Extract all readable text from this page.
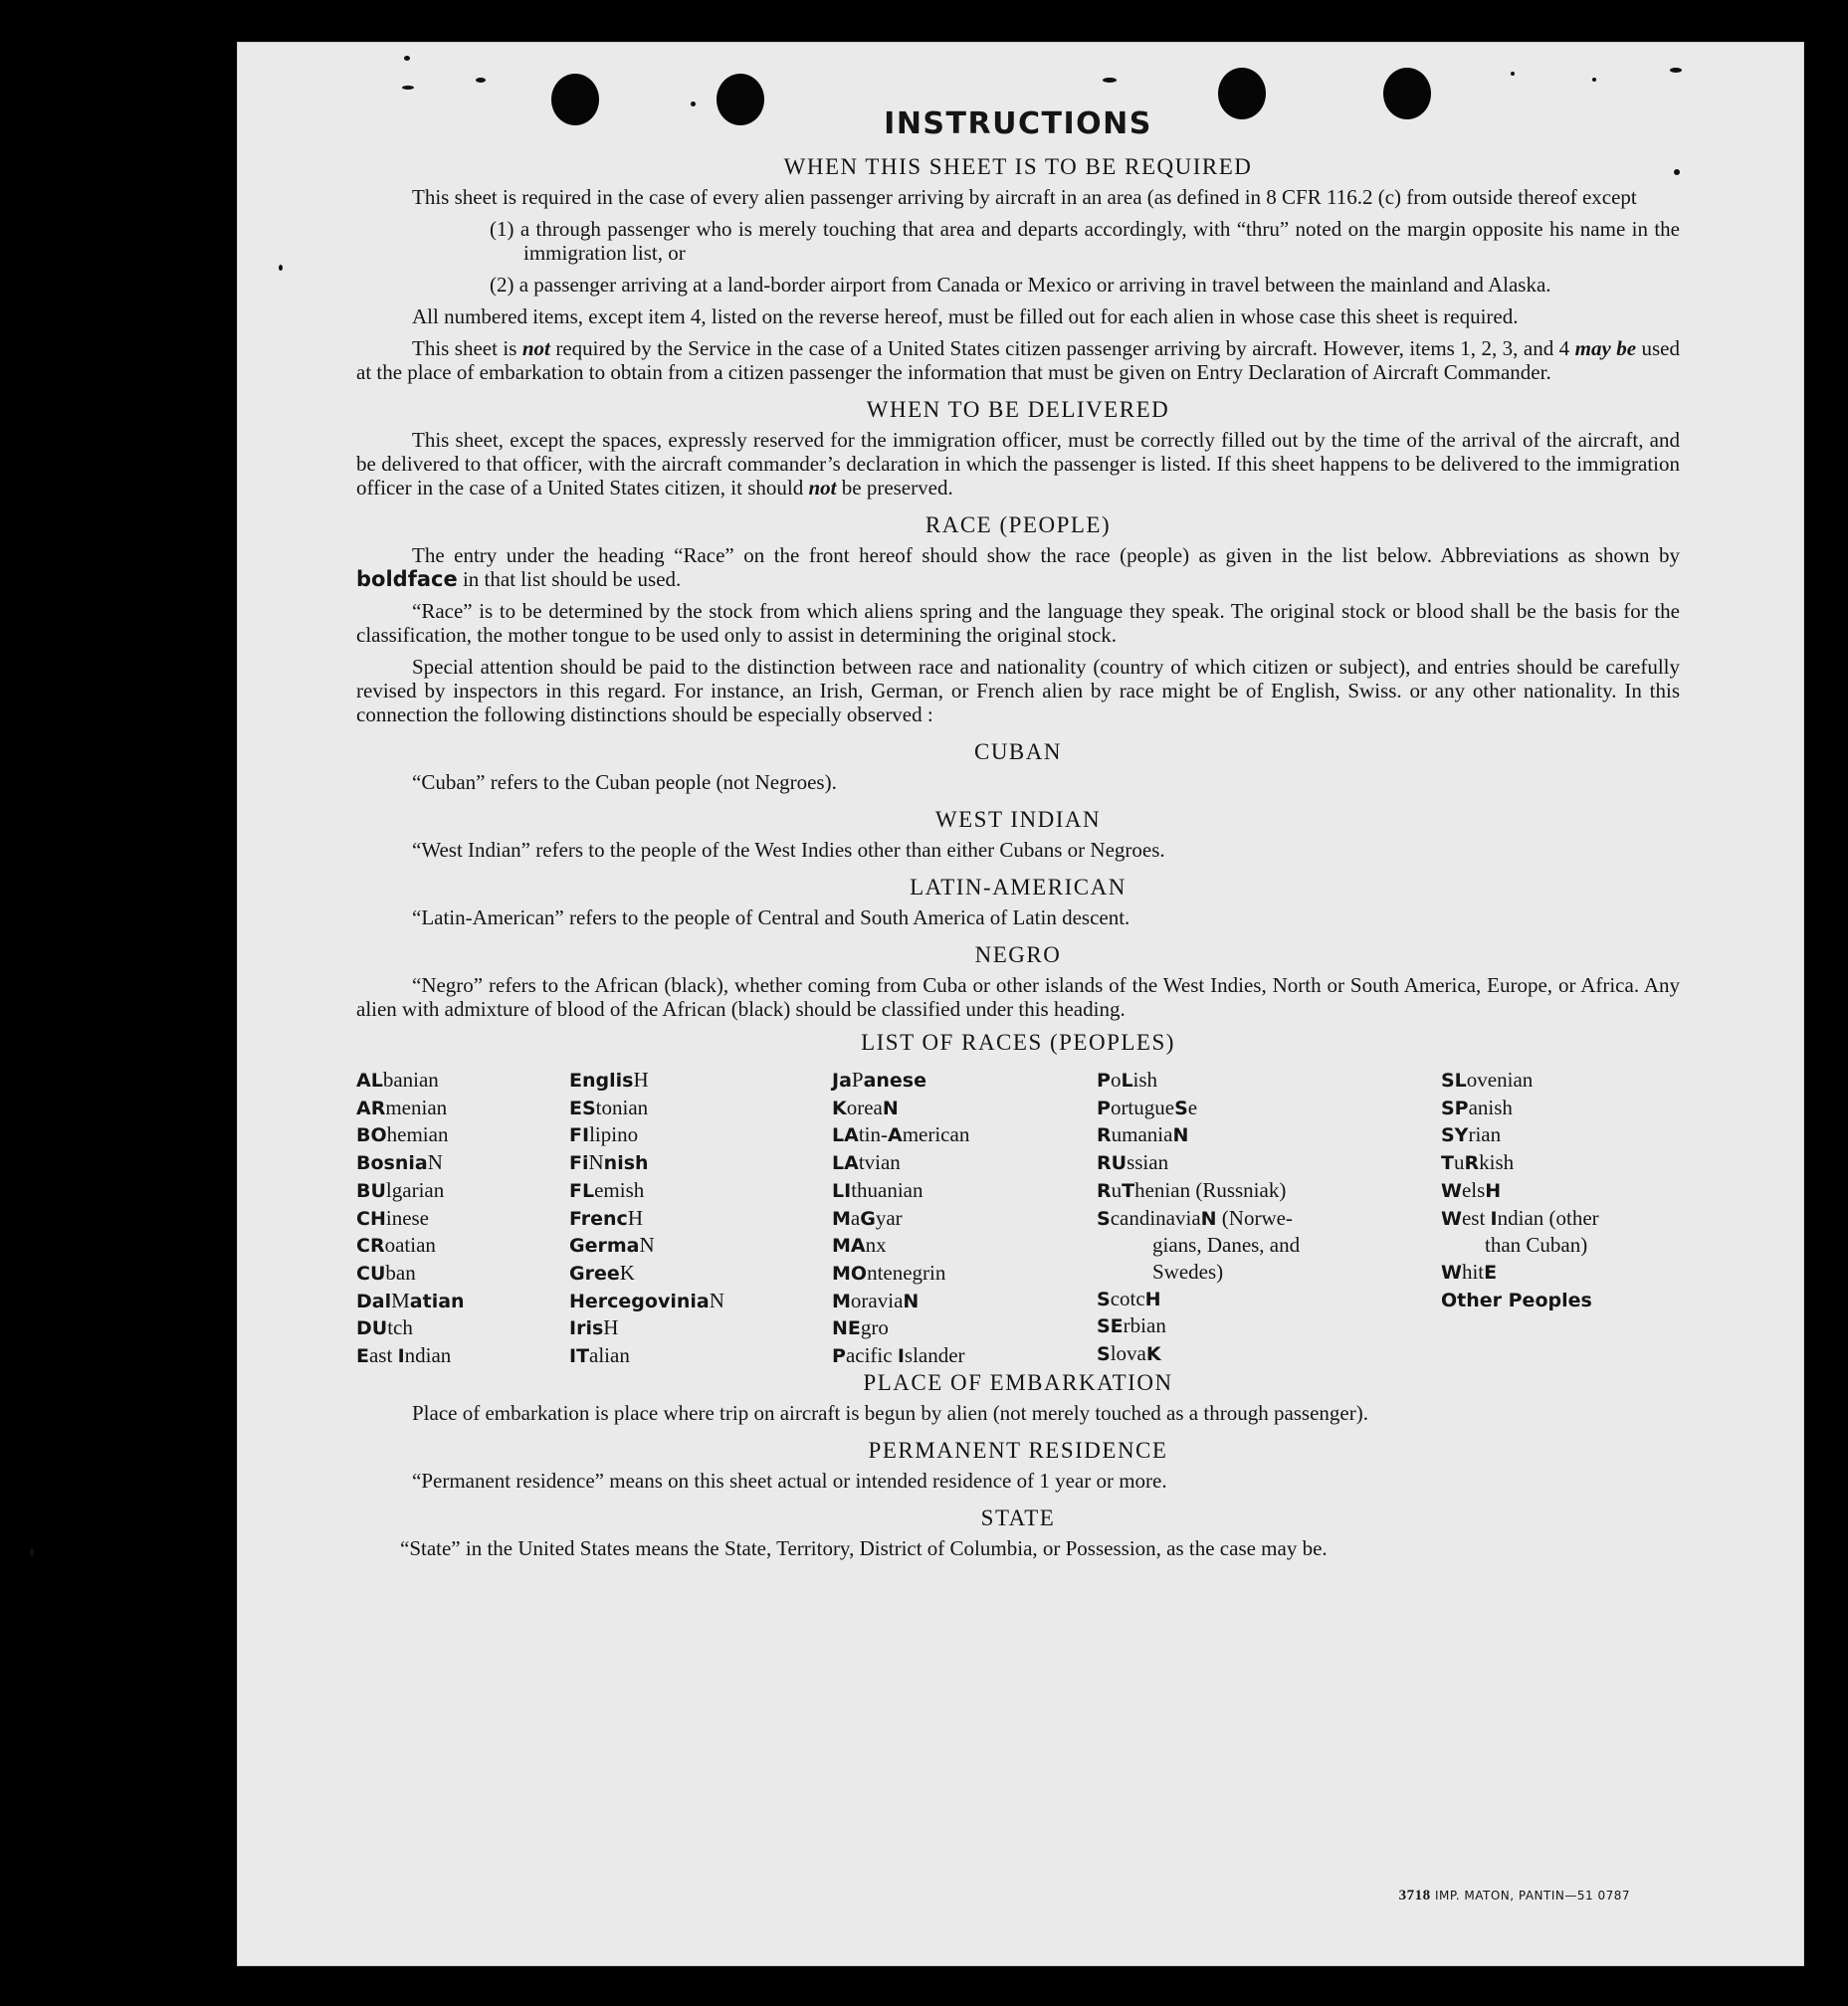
INSTRUCTIONS
WHEN THIS SHEET IS TO BE REQUIRED

This sheet is required in the case of every alien passenger arriving by aircraft in an area (as defined in 8 CFR 116.2 (c) from outside thereof except

(1) a through passenger who is merely touching that area and departs accordingly, with “thru” noted on the margin opposite his name in the immigration list, or

(2) a passenger arriving at a land-border airport from Canada or Mexico or arriving in travel between the mainland and Alaska.

All numbered items, except item 4, listed on the reverse hereof, must be filled out for each alien in whose case this sheet is required.

This sheet is not required by the Service in the case of a United States citizen passenger arriving by aircraft. However, items 1, 2, 3, and 4 may be used at the place of embarkation to obtain from a citizen passenger the information that must be given on Entry Declaration of Aircraft Commander.

WHEN TO BE DELIVERED

This sheet, except the spaces, expressly reserved for the immigration officer, must be correctly filled out by the time of the arrival of the aircraft, and be delivered to that officer, with the aircraft commander’s declaration in which the passenger is listed. If this sheet happens to be delivered to the immigration officer in the case of a United States citizen, it should not be preserved.

RACE (PEOPLE)

The entry under the heading “Race” on the front hereof should show the race (people) as given in the list below. Abbreviations as shown by boldface in that list should be used.

“Race” is to be determined by the stock from which aliens spring and the language they speak. The original stock or blood shall be the basis for the classification, the mother tongue to be used only to assist in determining the original stock.

Special attention should be paid to the distinction between race and nationality (country of which citizen or subject), and entries should be carefully revised by inspectors in this regard. For instance, an Irish, German, or French alien by race might be of English, Swiss. or any other nationality. In this connection the following distinctions should be especially observed :

CUBAN

“Cuban” refers to the Cuban people (not Negroes).

WEST INDIAN

“West Indian” refers to the people of the West Indies other than either Cubans or Negroes.

LATIN-AMERICAN

“Latin-American” refers to the people of Central and South America of Latin descent.

NEGRO

“Negro” refers to the African (black), whether coming from Cuba or other islands of the West Indies, North or South America, Europe, or Africa. Any alien with admixture of blood of the African (black) should be classified under this heading.

LIST OF RACES (PEOPLES)
ALbanian
ARmenian
BOhemian
BosniaN
BUlgarian
CHinese
CRoatian
CUban
DalMatian
DUtch
East Indian
EnglisH
EStonian
FIlipino
FiNnish
FLemish
FrencH
GermaN
GreeK
HercegoviniaN
IrisH
ITalian
JaPanese
KoreaN
LAtin-American
LAtvian
LIthuanian
MaGyar
MAnx
MOntenegrin
MoraviaN
NEgro
Pacific Islander
PoLish
PortugueSe
RumaniaN
RUssian
RuThenian (Russniak)
ScandinaviaN (Norwe-
gians, Danes, and
Swedes)
ScotcH
SErbian
SlovaK
SLovenian
SPanish
SYrian
TuRkish
WelsH
West Indian (other
than Cuban)
WhitE
Other Peoples
PLACE OF EMBARKATION

Place of embarkation is place where trip on aircraft is begun by alien (not merely touched as a through passenger).

PERMANENT RESIDENCE

“Permanent residence” means on this sheet actual or intended residence of 1 year or more.

STATE

“State” in the United States means the State, Territory, District of Columbia, or Possession, as the case may be.

3718 IMP. MATON, PANTIN—51 0787
